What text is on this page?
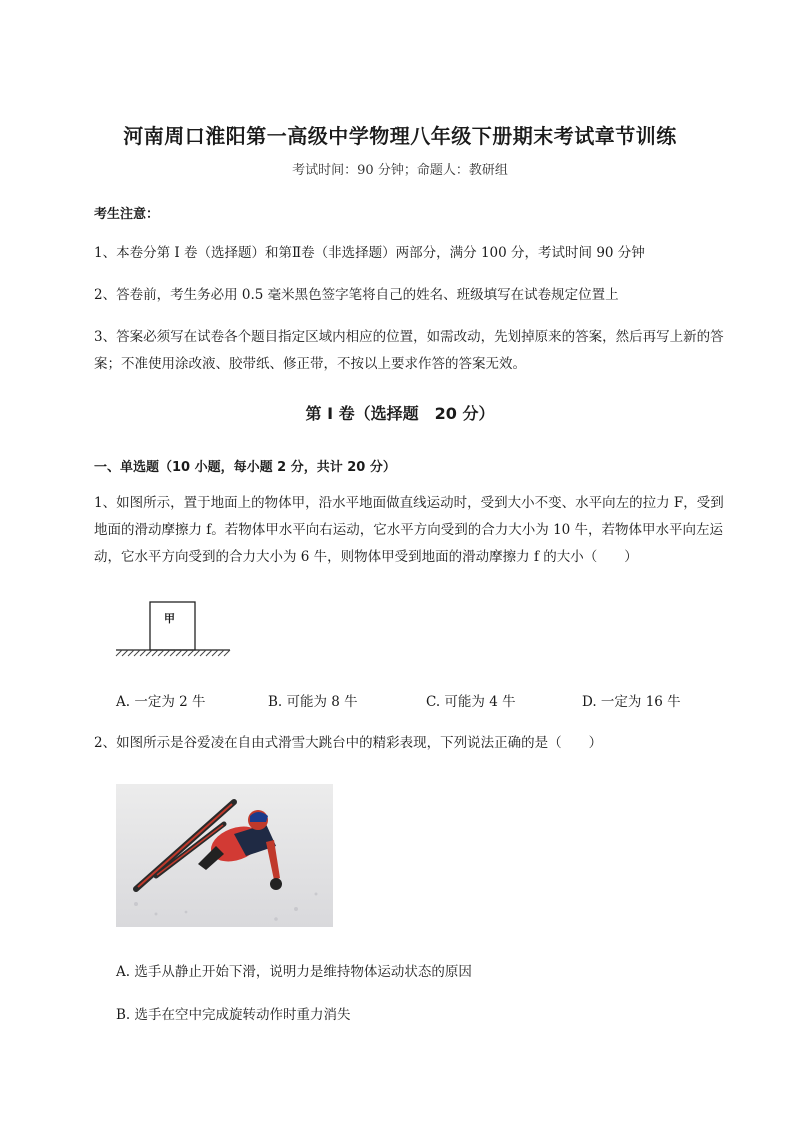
河南周口淮阳第一高级中学物理八年级下册期末考试章节训练
考试时间：90 分钟；命题人：教研组
考生注意：
1、本卷分第 I 卷（选择题）和第Ⅱ卷（非选择题）两部分，满分 100 分，考试时间 90 分钟
2、答卷前，考生务必用 0.5 毫米黑色签字笔将自己的姓名、班级填写在试卷规定位置上
3、答案必须写在试卷各个题目指定区域内相应的位置，如需改动，先划掉原来的答案，然后再写上新的答案；不准使用涂改液、胶带纸、修正带，不按以上要求作答的答案无效。
第 I 卷（选择题　20 分）
一、单选题（10 小题，每小题 2 分，共计 20 分）
1、如图所示，置于地面上的物体甲，沿水平地面做直线运动时，受到大小不变、水平向左的拉力 F，受到地面的滑动摩擦力 f。若物体甲水平向右运动，它水平方向受到的合力大小为 10 牛，若物体甲水平向左运动，它水平方向受到的合力大小为 6 牛，则物体甲受到地面的滑动摩擦力 f 的大小（　　）
甲
A. 一定为 2 牛	B. 可能为 8 牛	C. 可能为 4 牛	D. 一定为 16 牛
2、如图所示是谷爱凌在自由式滑雪大跳台中的精彩表现，下列说法正确的是（　　）
A. 选手从静止开始下滑，说明力是维持物体运动状态的原因
B. 选手在空中完成旋转动作时重力消失
